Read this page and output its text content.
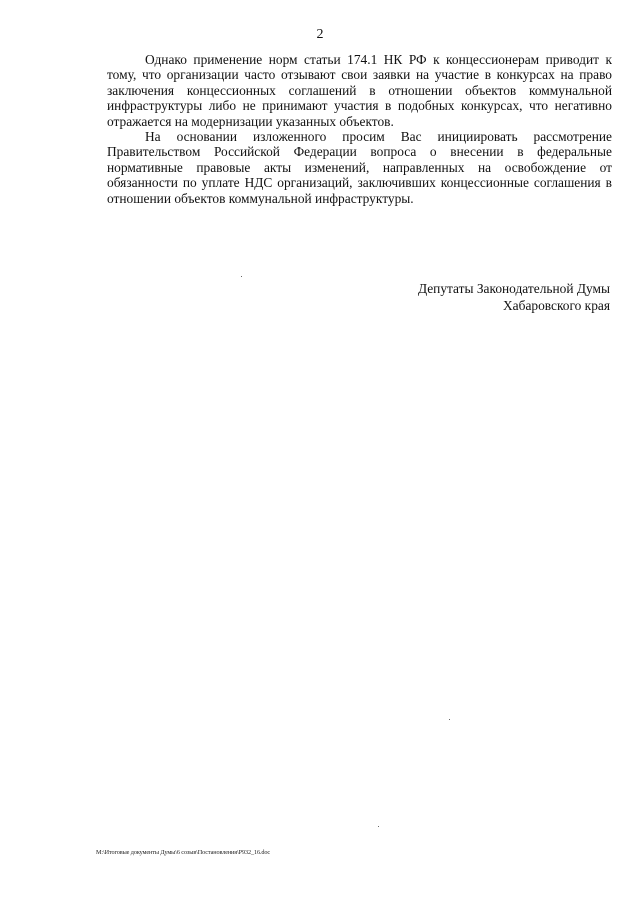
2

Однако применение норм статьи 174.1 НК РФ к концессионерам приводит к тому, что организации часто отзывают свои заявки на участие в конкурсах на право заключения концессионных соглашений в отношении объектов коммунальной инфраструктуры либо не принимают участия в подобных конкурсах, что негативно отражается на модернизации указанных объектов.

На основании изложенного просим Вас инициировать рассмотрение Правительством Российской Федерации вопроса о внесении в федеральные нормативные правовые акты изменений, направленных на освобождение от обязанности по уплате НДС организаций, заключивших концессионные соглашения в отношении объектов коммунальной инфраструктуры.

Депутаты Законодательной Думы
Хабаровского края
М:\Итоговые документы Думы\6 созыв\Постановления\P932_16.doc
